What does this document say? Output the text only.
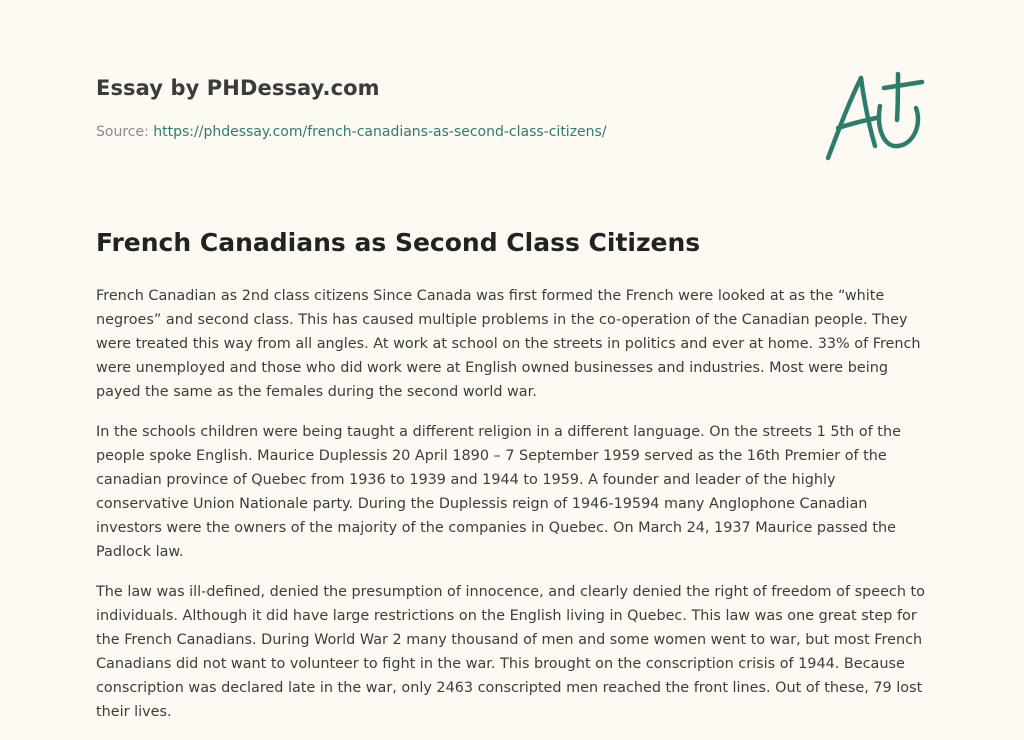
Essay by PHDessay.com
Source: https://phdessay.com/french-canadians-as-second-class-citizens/
French Canadians as Second Class Citizens

French Canadian as 2nd class citizens Since Canada was first formed the French were looked at as the “white negroes” and second class. This has caused multiple problems in the co-operation of the Canadian people. They were treated this way from all angles. At work at school on the streets in politics and ever at home. 33% of French were unemployed and those who did work were at English owned businesses and industries. Most were being payed the same as the females during the second world war.

In the schools children were being taught a different religion in a different language. On the streets 1 5th of the people spoke English. Maurice Duplessis 20 April 1890 – 7 September 1959 served as the 16th Premier of the canadian province of Quebec from 1936 to 1939 and 1944 to 1959. A founder and leader of the highly conservative Union Nationale party. During the Duplessis reign of 1946-19594 many Anglophone Canadian investors were the owners of the majority of the companies in Quebec. On March 24, 1937 Maurice passed the Padlock law.

The law was ill-defined, denied the presumption of innocence, and clearly denied the right of freedom of speech to individuals. Although it did have large restrictions on the English living in Quebec. This law was one great step for the French Canadians. During World War 2 many thousand of men and some women went to war, but most French Canadians did not want to volunteer to fight in the war. This brought on the conscription crisis of 1944. Because conscription was declared late in the war, only 2463 conscripted men reached the front lines. Out of these, 79 lost their lives.
